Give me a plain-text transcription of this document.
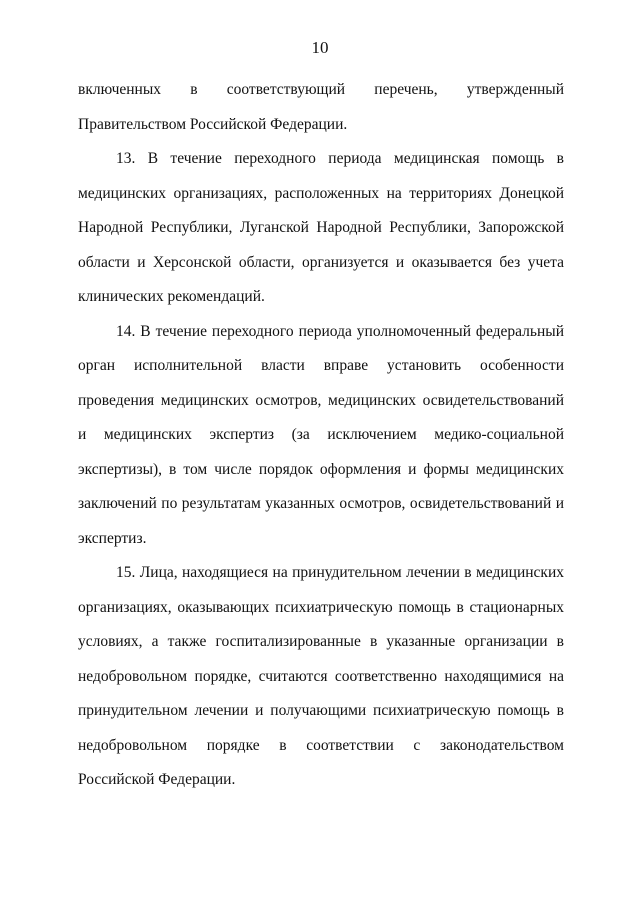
10

включенных в соответствующий перечень, утвержденный Правительством Российской Федерации.

13. В течение переходного периода медицинская помощь в медицинских организациях, расположенных на территориях Донецкой Народной Республики, Луганской Народной Республики, Запорожской области и Херсонской области, организуется и оказывается без учета клинических рекомендаций.

14. В течение переходного периода уполномоченный федеральный орган исполнительной власти вправе установить особенности проведения медицинских осмотров, медицинских освидетельствований и медицинских экспертиз (за исключением медико-социальной экспертизы), в том числе порядок оформления и формы медицинских заключений по результатам указанных осмотров, освидетельствований и экспертиз.

15. Лица, находящиеся на принудительном лечении в медицинских организациях, оказывающих психиатрическую помощь в стационарных условиях, а также госпитализированные в указанные организации в недобровольном порядке, считаются соответственно находящимися на принудительном лечении и получающими психиатрическую помощь в недобровольном порядке в соответствии с законодательством Российской Федерации.
